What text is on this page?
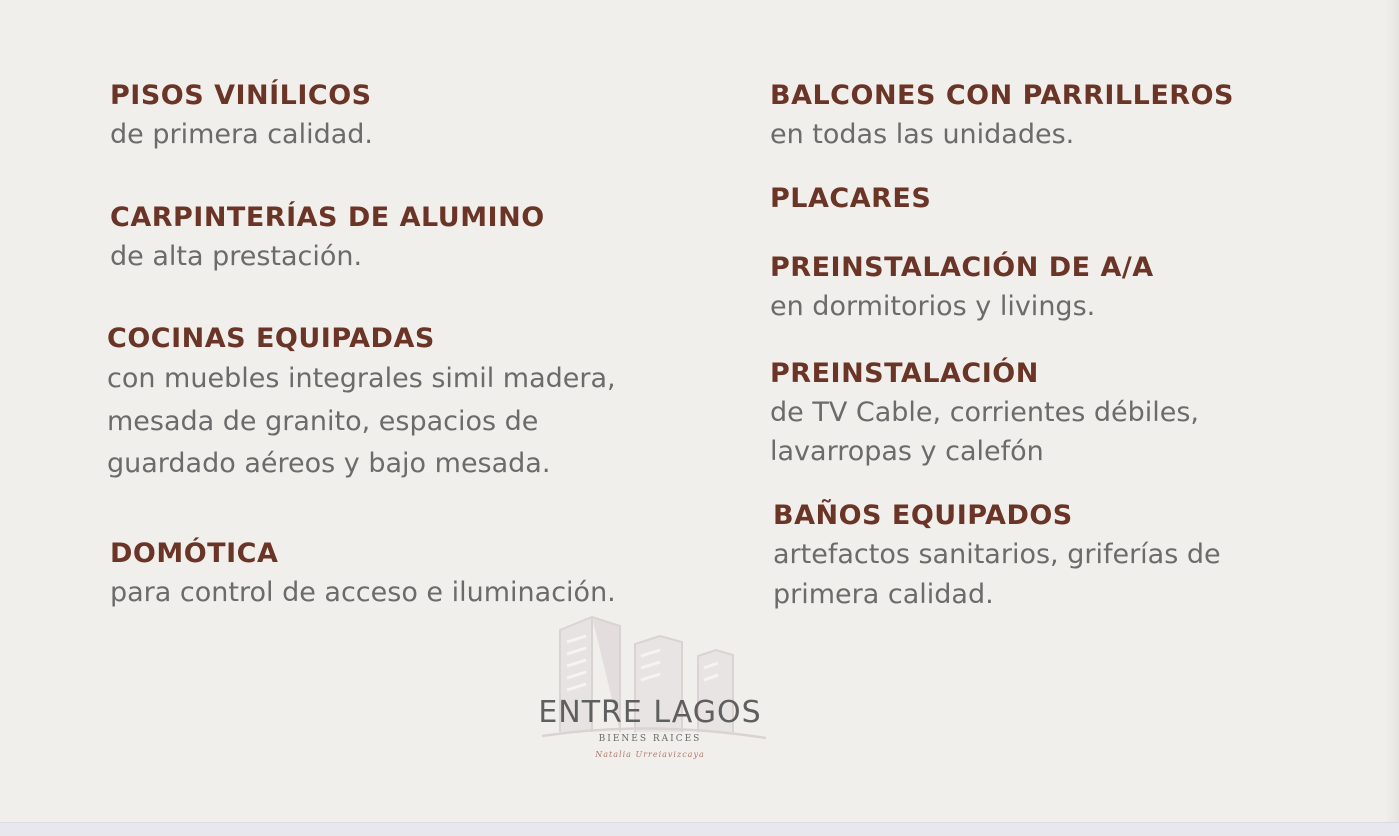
PISOS VINÍLICOS

de primera calidad.

CARPINTERÍAS DE ALUMINO

de alta prestación.

COCINAS EQUIPADAS

con muebles integrales simil madera,

mesada de granito, espacios de

guardado aéreos y bajo mesada.

DOMÓTICA

para control de acceso e iluminación.

BALCONES CON PARRILLEROS

en todas las unidades.

PLACARES
PREINSTALACIÓN DE A/A

en dormitorios y livings.

PREINSTALACIÓN

de TV Cable, corrientes débiles,

lavarropas y calefón

BAÑOS EQUIPADOS

artefactos sanitarios, griferías de

primera calidad.

ENTRE LAGOS

BIENES RAICES

Natalia Urreiavizcaya
